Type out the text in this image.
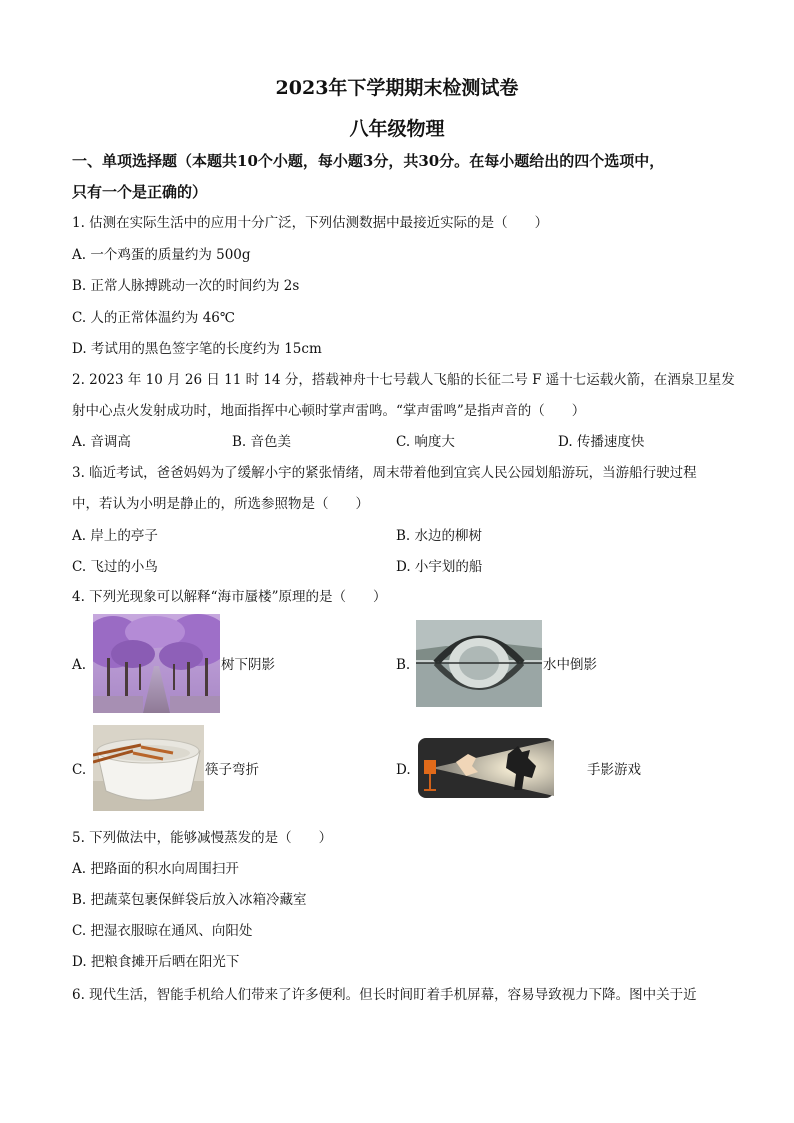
2023年下学期期末检测试卷
八年级物理
一、单项选择题（本题共10个小题，每小题3分，共30分。在每小题给出的四个选项中，
只有一个是正确的）
1. 估测在实际生活中的应用十分广泛，下列估测数据中最接近实际的是（　　）
A. 一个鸡蛋的质量约为 500g
B. 正常人脉搏跳动一次的时间约为 2s
C. 人的正常体温约为 46℃
D. 考试用的黑色签字笔的长度约为 15cm
2. 2023 年 10 月 26 日 11 时 14 分，搭载神舟十七号载人飞船的长征二号 F 遥十七运载火箭，在酒泉卫星发
射中心点火发射成功时，地面指挥中心顿时掌声雷鸣。“掌声雷鸣”是指声音的（　　）
A. 音调高	B. 音色美	C. 响度大	D. 传播速度快
3. 临近考试，爸爸妈妈为了缓解小宇的紧张情绪，周末带着他到宜宾人民公园划船游玩，当游船行驶过程
中，若认为小明是静止的，所选参照物是（　　）
A. 岸上的亭子	B. 水边的柳树
C. 飞过的小鸟	D. 小宇划的船
4. 下列光现象可以解释“海市蜃楼”原理的是（　　）
A.	树下阴影	B.	水中倒影
C.	筷子弯折	D.	手影游戏
5. 下列做法中，能够减慢蒸发的是（　　）
A. 把路面的积水向周围扫开
B. 把蔬菜包裹保鲜袋后放入冰箱冷藏室
C. 把湿衣服晾在通风、向阳处
D. 把粮食摊开后晒在阳光下
6. 现代生活，智能手机给人们带来了许多便利。但长时间盯着手机屏幕，容易导致视力下降。图中关于近
